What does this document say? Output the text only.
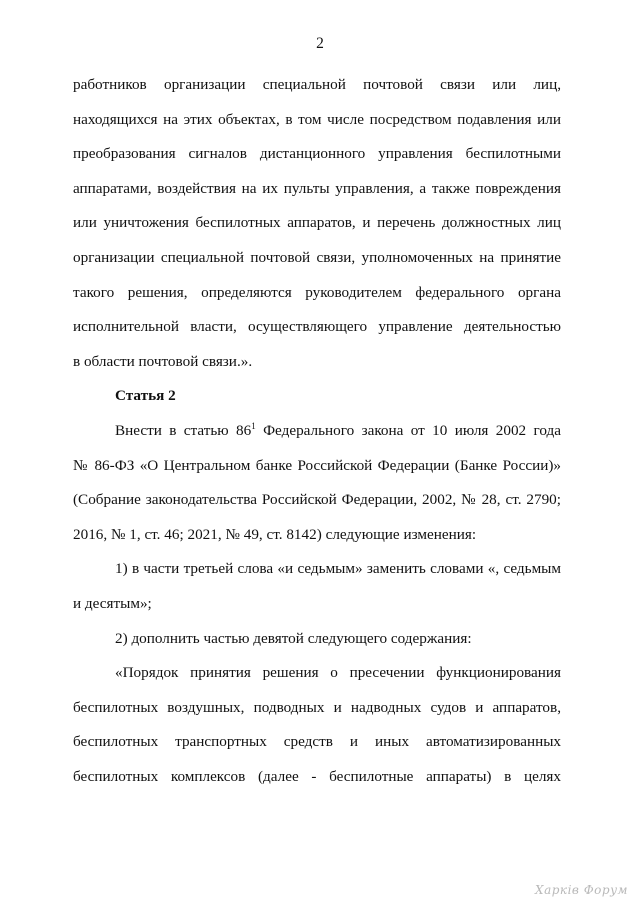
2

работников организации специальной почтовой связи или лиц,

находящихся на этих объектах, в том числе посредством подавления или

преобразования сигналов дистанционного управления беспилотными

аппаратами, воздействия на их пульты управления, а также повреждения

или уничтожения беспилотных аппаратов, и перечень должностных лиц

организации специальной почтовой связи, уполномоченных на принятие

такого решения, определяются руководителем федерального органа

исполнительной власти, осуществляющего управление деятельностью

в области почтовой связи.».

Статья 2

Внести в статью $86^1$ Федерального закона от 10 июля 2002 года

№ 86-ФЗ «О Центральном банке Российской Федерации (Банке России)»

(Собрание законодательства Российской Федерации, 2002, № 28, ст. 2790;

2016, № 1, ст. 46; 2021, № 49, ст. 8142) следующие изменения:

1) в части третьей слова «и седьмым» заменить словами «, седьмым

и десятым»;

2) дополнить частью девятой следующего содержания:

«Порядок принятия решения о пресечении функционирования

беспилотных воздушных, подводных и надводных судов и аппаратов,

беспилотных транспортных средств и иных автоматизированных

беспилотных комплексов (далее - беспилотные аппараты) в целях

Харків Форум
